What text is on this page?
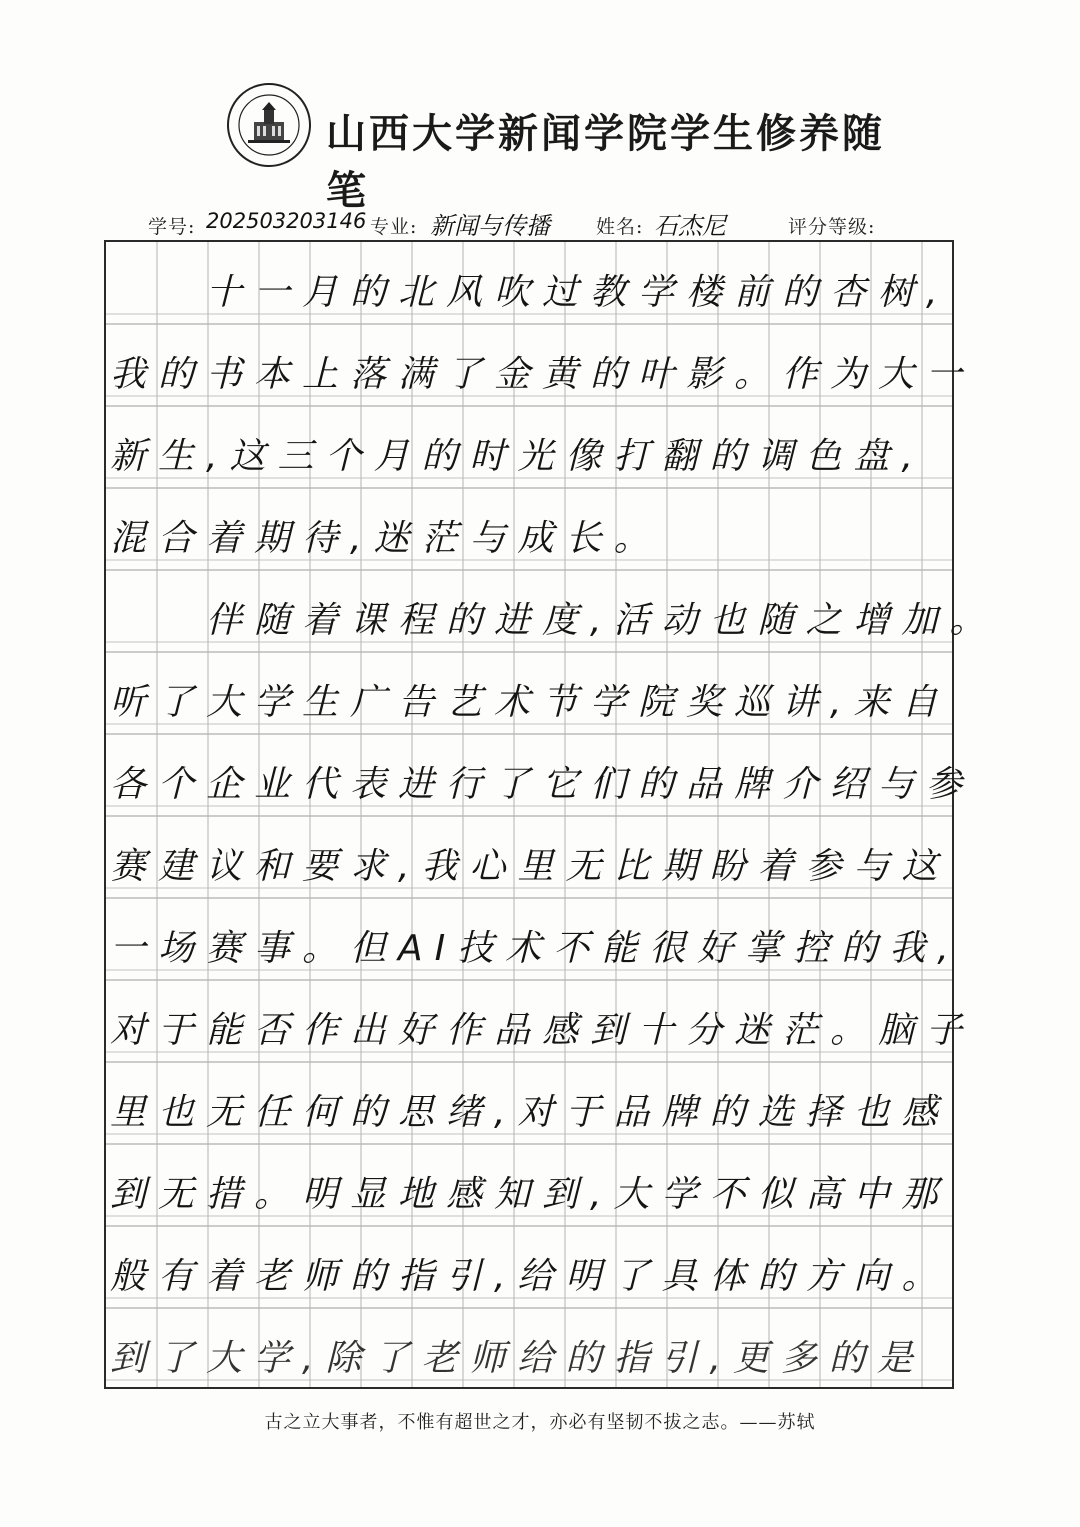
山西大学新闻学院学生修养随笔
学号: 202503203146 专业: 新闻与传播 姓名: 石杰尼	评分等级:
　　十一月的北风吹过教学楼前的杏树,
我的书本上落满了金黄的叶影。作为大一
新生,这三个月的时光像打翻的调色盘,
混合着期待,迷茫与成长。
　　伴随着课程的进度,活动也随之增加。
听了大学生广告艺术节学院奖巡讲,来自
各个企业代表进行了它们的品牌介绍与参
赛建议和要求,我心里无比期盼着参与这
一场赛事。但AI技术不能很好掌控的我,
对于能否作出好作品感到十分迷茫。脑子
里也无任何的思绪,对于品牌的选择也感
到无措。明显地感知到,大学不似高中那
般有着老师的指引,给明了具体的方向。
到了大学,除了老师给的指引,更多的是
古之立大事者，不惟有超世之才，亦必有坚韧不拔之志。——苏轼
